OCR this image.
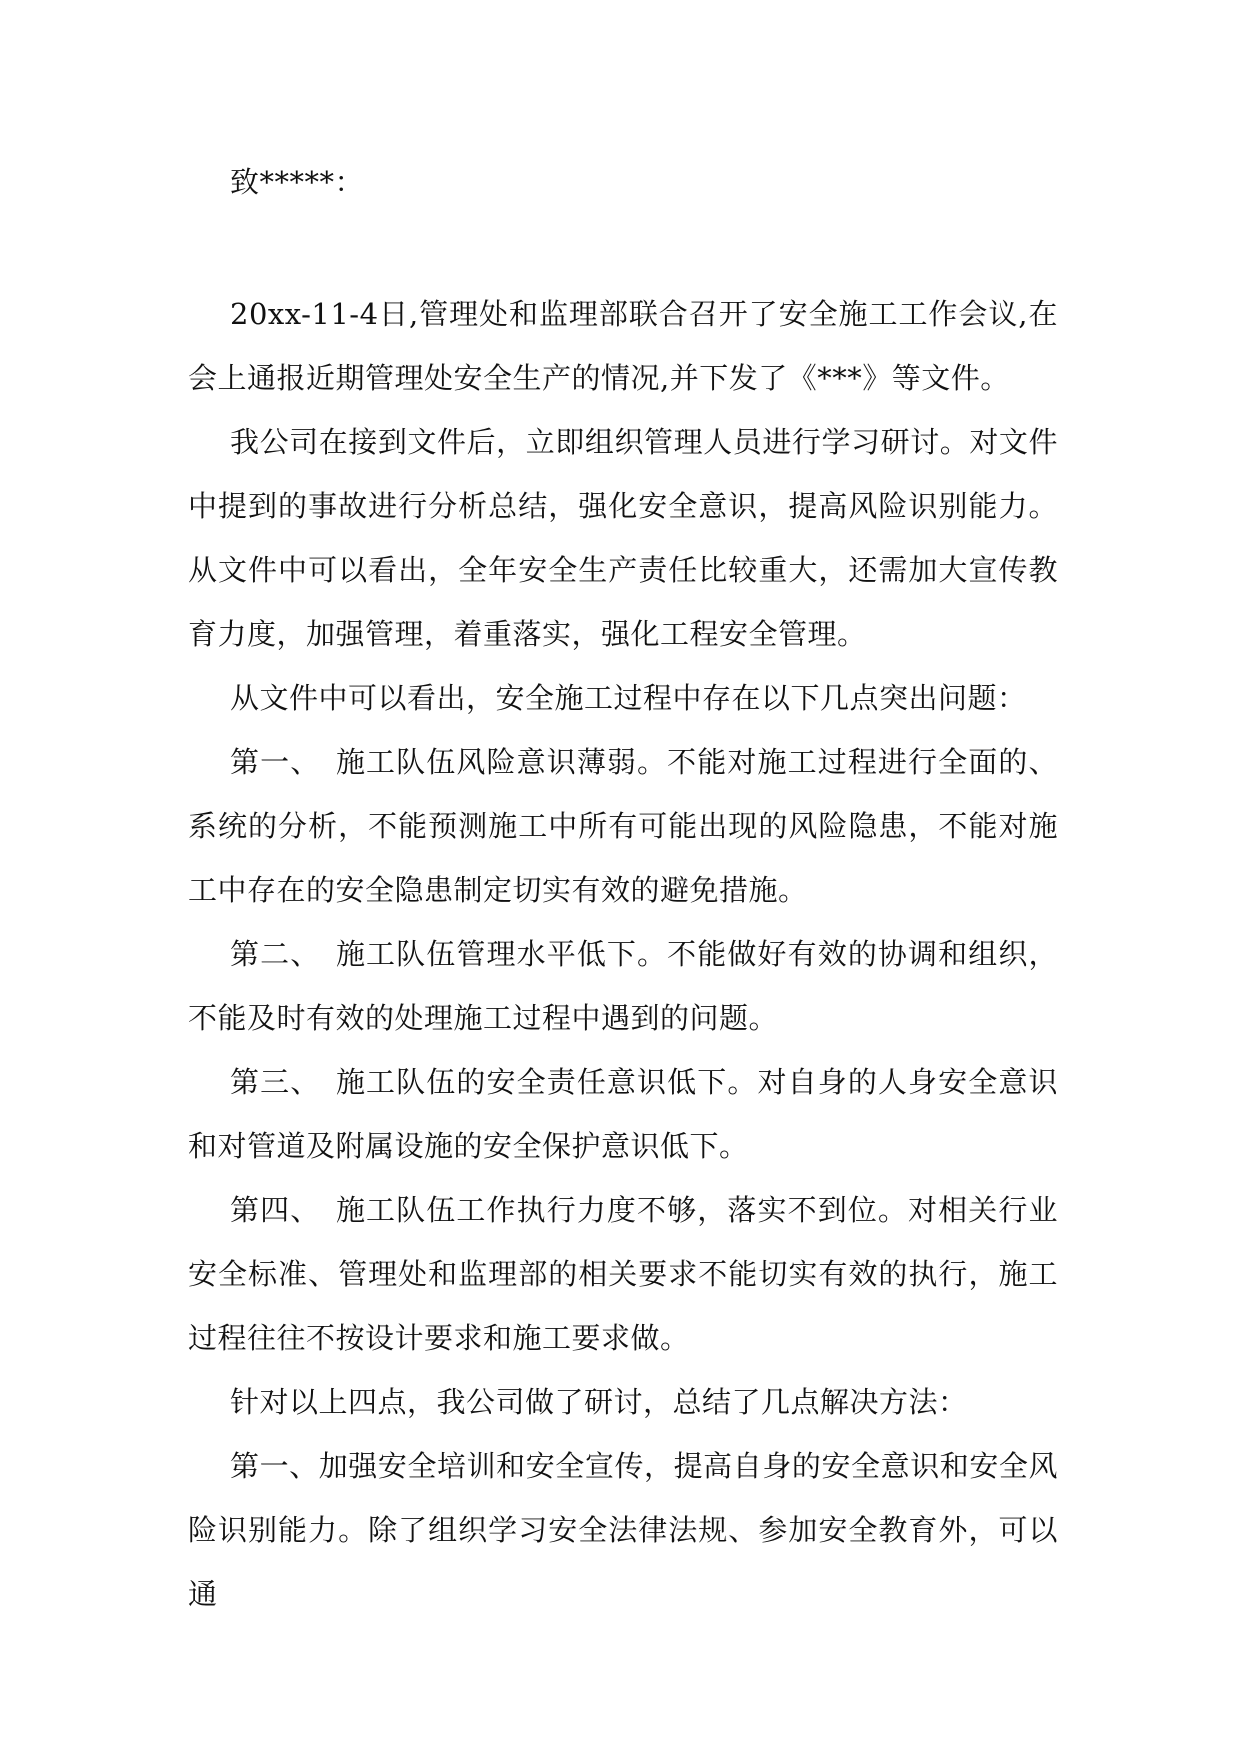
致*****：

20xx-11-4日,管理处和监理部联合召开了安全施工工作会议,在会上通报近期管理处安全生产的情况,并下发了《***》等文件。

我公司在接到文件后，立即组织管理人员进行学习研讨。对文件中提到的事故进行分析总结，强化安全意识，提高风险识别能力。从文件中可以看出，全年安全生产责任比较重大，还需加大宣传教育力度，加强管理，着重落实，强化工程安全管理。

从文件中可以看出，安全施工过程中存在以下几点突出问题：

第一、　施工队伍风险意识薄弱。不能对施工过程进行全面的、系统的分析，不能预测施工中所有可能出现的风险隐患，不能对施工中存在的安全隐患制定切实有效的避免措施。

第二、　施工队伍管理水平低下。不能做好有效的协调和组织，不能及时有效的处理施工过程中遇到的问题。

第三、　施工队伍的安全责任意识低下。对自身的人身安全意识和对管道及附属设施的安全保护意识低下。

第四、　施工队伍工作执行力度不够，落实不到位。对相关行业安全标准、管理处和监理部的相关要求不能切实有效的执行，施工过程往往不按设计要求和施工要求做。

针对以上四点，我公司做了研讨，总结了几点解决方法：

第一、加强安全培训和安全宣传，提高自身的安全意识和安全风险识别能力。除了组织学习安全法律法规、参加安全教育外，可以通
